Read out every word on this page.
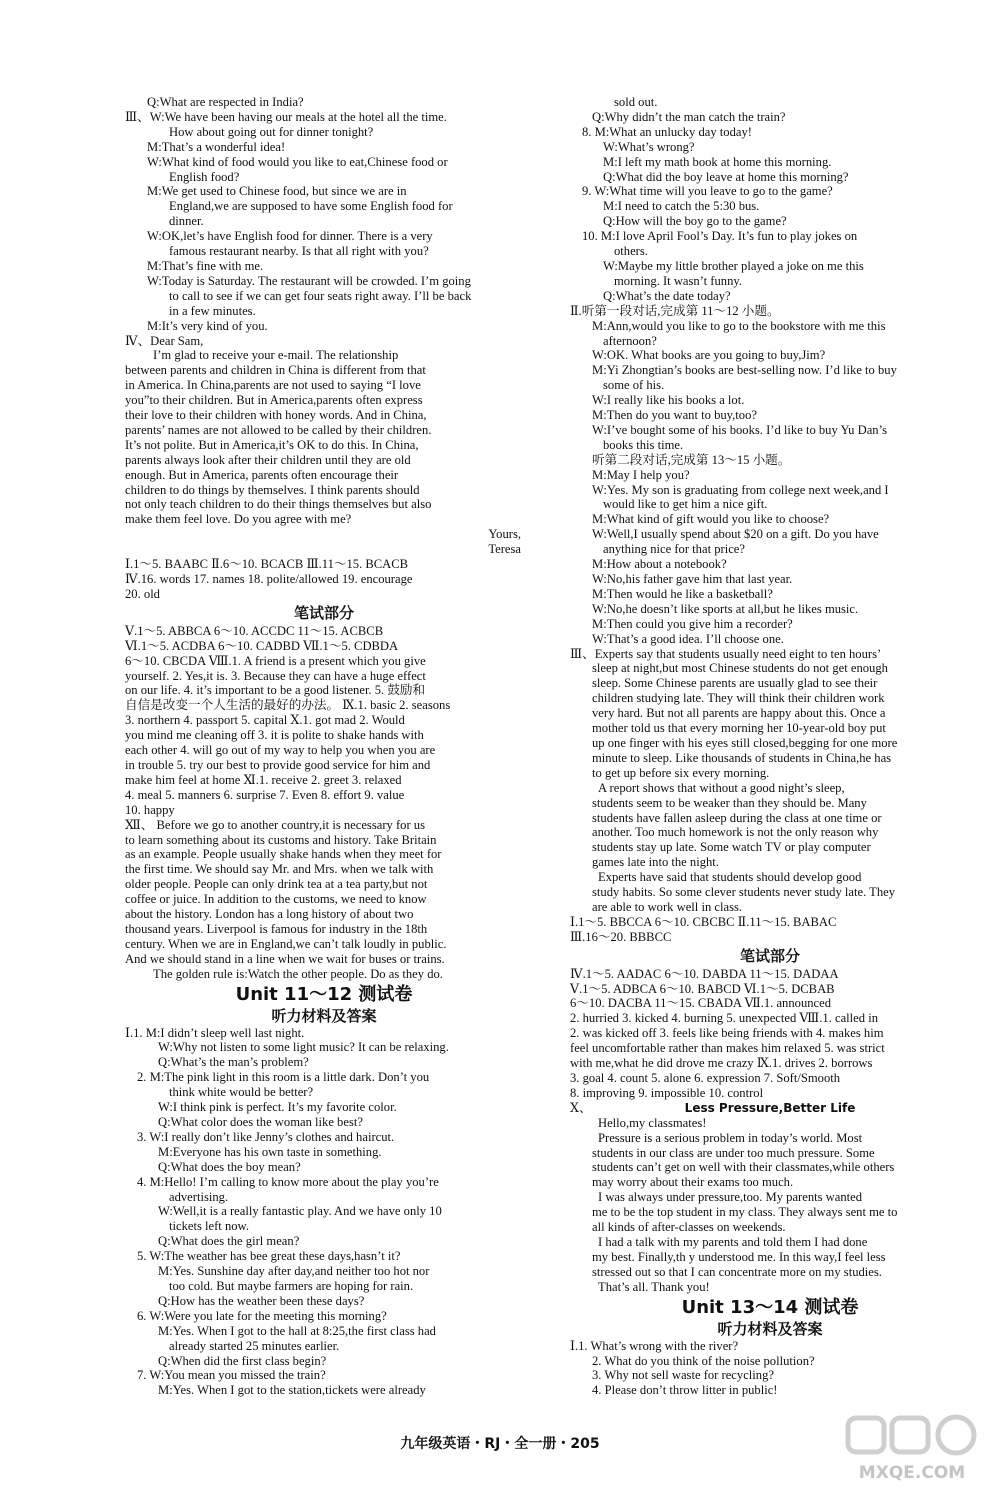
Q:What are respected in India?
Ⅲ、W:We have been having our meals at the hotel all the time.
How about going out for dinner tonight?
M:That’s a wonderful idea!
W:What kind of food would you like to eat,Chinese food or
English food?
M:We get used to Chinese food, but since we are in
England,we are supposed to have some English food for
dinner.
W:OK,let’s have English food for dinner. There is a very
famous restaurant nearby. Is that all right with you?
M:That’s fine with me.
W:Today is Saturday. The restaurant will be crowded. I’m going
to call to see if we can get four seats right away. I’ll be back
in a few minutes.
M:It’s very kind of you.
Ⅳ、Dear Sam,
I’m glad to receive your e-mail. The relationship
between parents and children in China is different from that
in America. In China,parents are not used to saying “I love
you”to their children. But in America,parents often express
their love to their children with honey words. And in China,
parents’ names are not allowed to be called by their children.
It’s not polite. But in America,it’s OK to do this. In China,
parents always look after their children until they are old
enough. But in America, parents often encourage their
children to do things by themselves. I think parents should
not only teach children to do their things themselves but also
make them feel love. Do you agree with me?
Yours,
Teresa
Ⅰ.1～5. BAABC Ⅱ.6～10. BCACB Ⅲ.11～15. BCACB
Ⅳ.16. words 17. names 18. polite/allowed 19. encourage
20. old
笔试部分
Ⅴ.1～5. ABBCA 6～10. ACCDC 11～15. ACBCB
Ⅵ.1～5. ACDBA 6～10. CADBD Ⅶ.1～5. CDBDA
6～10. CBCDA Ⅷ.1. A friend is a present which you give
yourself. 2. Yes,it is. 3. Because they can have a huge effect
on our life. 4. it’s important to be a good listener. 5. 鼓励和
自信是改变一个人生活的最好的办法。 Ⅸ.1. basic 2. seasons
3. northern 4. passport 5. capital Ⅹ.1. got mad 2. Would
you mind me cleaning off 3. it is polite to shake hands with
each other 4. will go out of my way to help you when you are
in trouble 5. try our best to provide good service for him and
make him feel at home Ⅺ.1. receive 2. greet 3. relaxed
4. meal 5. manners 6. surprise 7. Even 8. effort 9. value
10. happy
Ⅻ、 Before we go to another country,it is necessary for us
to learn something about its customs and history. Take Britain
as an example. People usually shake hands when they meet for
the first time. We should say Mr. and Mrs. when we talk with
older people. People can only drink tea at a tea party,but not
coffee or juice. In addition to the customs, we need to know
about the history. London has a long history of about two
thousand years. Liverpool is famous for industry in the 18th
century. When we are in England,we can’t talk loudly in public.
And we should stand in a line when we wait for buses or trains.
The golden rule is:Watch the other people. Do as they do.
Unit 11～12 测试卷
听力材料及答案
Ⅰ.1. M:I didn’t sleep well last night.
W:Why not listen to some light music? It can be relaxing.
Q:What’s the man’s problem?
2. M:The pink light in this room is a little dark. Don’t you
think white would be better?
W:I think pink is perfect. It’s my favorite color.
Q:What color does the woman like best?
3. W:I really don’t like Jenny’s clothes and haircut.
M:Everyone has his own taste in something.
Q:What does the boy mean?
4. M:Hello! I’m calling to know more about the play you’re
advertising.
W:Well,it is a really fantastic play. And we have only 10
tickets left now.
Q:What does the girl mean?
5. W:The weather has bee great these days,hasn’t it?
M:Yes. Sunshine day after day,and neither too hot nor
too cold. But maybe farmers are hoping for rain.
Q:How has the weather been these days?
6. W:Were you late for the meeting this morning?
M:Yes. When I got to the hall at 8:25,the first class had
already started 25 minutes earlier.
Q:When did the first class begin?
7. W:You mean you missed the train?
M:Yes. When I got to the station,tickets were already
sold out.
Q:Why didn’t the man catch the train?
8. M:What an unlucky day today!
W:What’s wrong?
M:I left my math book at home this morning.
Q:What did the boy leave at home this morning?
9. W:What time will you leave to go to the game?
M:I need to catch the 5:30 bus.
Q:How will the boy go to the game?
10. M:I love April Fool’s Day. It’s fun to play jokes on
others.
W:Maybe my little brother played a joke on me this
morning. It wasn’t funny.
Q:What’s the date today?
Ⅱ.听第一段对话,完成第 11～12 小题。
M:Ann,would you like to go to the bookstore with me this
afternoon?
W:OK. What books are you going to buy,Jim?
M:Yi Zhongtian’s books are best-selling now. I’d like to buy
some of his.
W:I really like his books a lot.
M:Then do you want to buy,too?
W:I’ve bought some of his books. I’d like to buy Yu Dan’s
books this time.
听第二段对话,完成第 13～15 小题。
M:May I help you?
W:Yes. My son is graduating from college next week,and I
would like to get him a nice gift.
M:What kind of gift would you like to choose?
W:Well,I usually spend about $20 on a gift. Do you have
anything nice for that price?
M:How about a notebook?
W:No,his father gave him that last year.
M:Then would he like a basketball?
W:No,he doesn’t like sports at all,but he likes music.
M:Then could you give him a recorder?
W:That’s a good idea. I’ll choose one.
Ⅲ、Experts say that students usually need eight to ten hours’
sleep at night,but most Chinese students do not get enough
sleep. Some Chinese parents are usually glad to see their
children studying late. They will think their children work
very hard. But not all parents are happy about this. Once a
mother told us that every morning her 10-year-old boy put
up one finger with his eyes still closed,begging for one more
minute to sleep. Like thousands of students in China,he has
to get up before six every morning.
A report shows that without a good night’s sleep,
students seem to be weaker than they should be. Many
students have fallen asleep during the class at one time or
another. Too much homework is not the only reason why
students stay up late. Some watch TV or play computer
games late into the night.
Experts have said that students should develop good
study habits. So some clever students never study late. They
are able to work well in class.
Ⅰ.1～5. BBCCA 6～10. CBCBC Ⅱ.11～15. BABAC
Ⅲ.16～20. BBBCC
笔试部分
Ⅳ.1～5. AADAC 6～10. DABDA 11～15. DADAA
Ⅴ.1～5. ADBCA 6～10. BABCD Ⅵ.1～5. DCBAB
6～10. DACBA 11～15. CBADA Ⅶ.1. announced
2. hurried 3. kicked 4. burning 5. unexpected Ⅷ.1. called in
2. was kicked off 3. feels like being friends with 4. makes him
feel uncomfortable rather than makes him relaxed 5. was strict
with me,what he did drove me crazy Ⅸ.1. drives 2. borrows
3. goal 4. count 5. alone 6. expression 7. Soft/Smooth
8. improving 9. impossible 10. control
Ⅹ、	Less Pressure,Better Life
Hello,my classmates!
Pressure is a serious problem in today’s world. Most
students in our class are under too much pressure. Some
students can’t get on well with their classmates,while others
may worry about their exams too much.
I was always under pressure,too. My parents wanted
me to be the top student in my class. They always sent me to
all kinds of after-classes on weekends.
I had a talk with my parents and told them I had done
my best. Finally,th y understood me. In this way,I feel less
stressed out so that I can concentrate more on my studies.
That’s all. Thank you!
Unit 13～14 测试卷
听力材料及答案
Ⅰ.1. What’s wrong with the river?
2. What do you think of the noise pollution?
3. Why not sell waste for recycling?
4. Please don’t throw litter in public!
九年级英语・RJ・全一册・205
MXQE.COM
